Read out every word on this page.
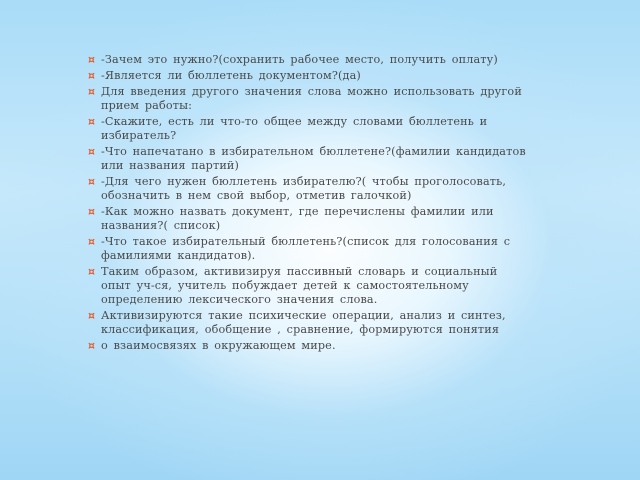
¤ -Зачем это нужно?(сохранить рабочее место, получить оплату)
¤ -Является ли бюллетень документом?(да)
¤ Для введения другого значения слова можно использовать другой прием работы:
¤ -Скажите, есть ли что-то общее между словами бюллетень и избиратель?
¤ -Что напечатано в избирательном бюллетене?(фамилии кандидатов или названия партий)
¤ -Для чего нужен бюллетень избирателю?( чтобы проголосовать, обозначить в нем свой выбор, отметив галочкой)
¤ -Как можно назвать документ, где перечислены фамилии или названия?( список)
¤ -Что такое избирательный бюллетень?(список для голосования с фамилиями кандидатов).
¤ Таким образом, активизируя пассивный словарь и социальный опыт уч-ся, учитель побуждает детей к самостоятельному определению лексического значения слова.
¤ Активизируются такие психические операции, анализ и синтез, классификация, обобщение , сравнение, формируются понятия
¤ о взаимосвязях в окружающем мире.
